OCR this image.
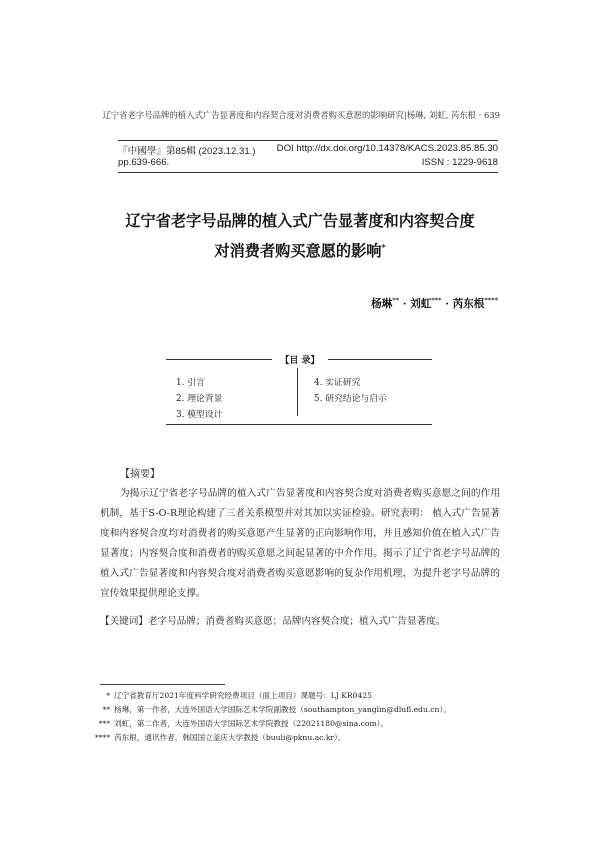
辽宁省老字号品牌的植入式广告显著度和内容契合度对消费者购买意愿的影响研究|杨琳, 刘虹, 芮东根 · 639
『中國學』第85輯 (2023.12.31.) DOI http://dx.doi.org/10.14378/KACS.2023.85.85.30
pp.639-666.	ISSN : 1229-9618
辽宁省老字号品牌的植入式广告显著度和内容契合度
对消费者购买意愿的影响*
杨琳** · 刘虹*** · 芮东根****
【目 录】
1. 引言
2. 理论背景
3. 模型设计
4. 实证研究
5. 研究结论与启示
【摘要】
为揭示辽宁省老字号品牌的植入式广告显著度和内容契合度对消费者购买意愿之间的作用机制，基于S-O-R理论构建了三者关系模型并对其加以实证检验。研究表明： 植入式广告显著度和内容契合度均对消费者的购买意愿产生显著的正向影响作用，并且感知价值在植入式广告显著度；内容契合度和消费者的购买意愿之间起显著的中介作用。揭示了辽宁省老字号品牌的植入式广告显著度和内容契合度对消费者购买意愿影响的复杂作用机理，为提升老字号品牌的宣传效果提供理论支撑。
【关键词】老字号品牌；消费者购买意愿；品牌内容契合度；植入式广告显著度。
* 辽宁省教育厅2021年度科学研究经费项目（面上项目）课题号：LJ KR0425
** 杨琳，第一作者，大连外国语大学国际艺术学院副教授（southampton_yanglin@dlufl.edu.cn）。
*** 刘虹，第二作者，大连外国语大学国际艺术学院教授（22021180@sina.com）。
**** 芮东根，通讯作者，韩国国立釜庆大学教授（buuli@pknu.ac.kr）。
